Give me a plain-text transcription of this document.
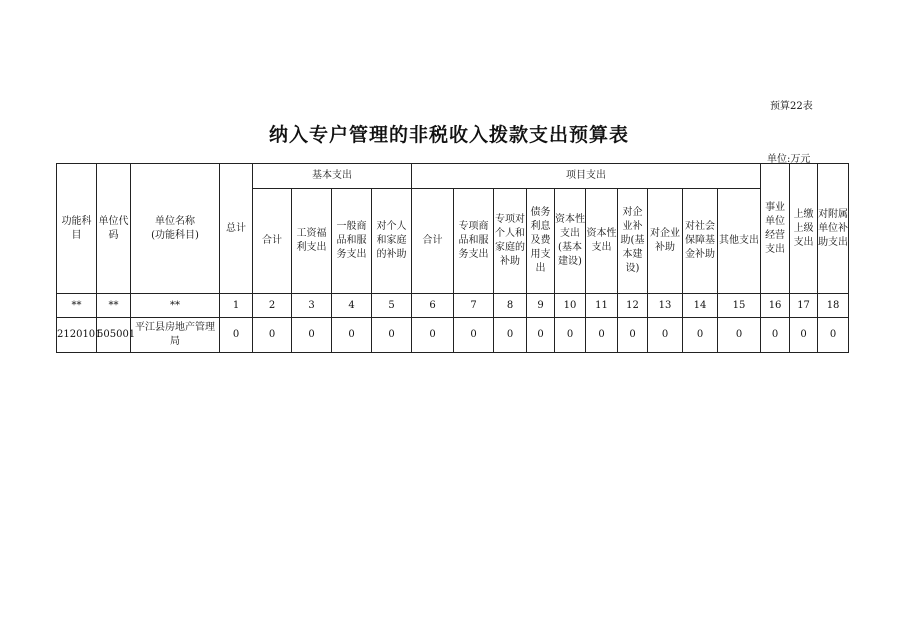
预算22表
纳入专户管理的非税收入拨款支出预算表
单位:万元
功能科目	单位代码	单位名称
(功能科目)	总计	基本支出				项目支出										事业单位经营支出	上缴上级支出	对附属单位补助支出
				合计	工资福利支出	一般商品和服务支出	对个人和家庭的补助	合计	专项商品和服务支出	专项对个人和家庭的补助	债务利息及费用支出	资本性支出(基本建设)	资本性支出	对企业补助(基本建设)	对企业补助	对社会保障基金补助	其他支出			
**	**	**	1	2	3	4	5	6	7	8	9	10	11	12	13	14	15	16	17	18
2120101	505001	平江县房地产管理局	0	0	0	0	0	0	0	0	0	0	0	0	0	0	0	0	0	0
